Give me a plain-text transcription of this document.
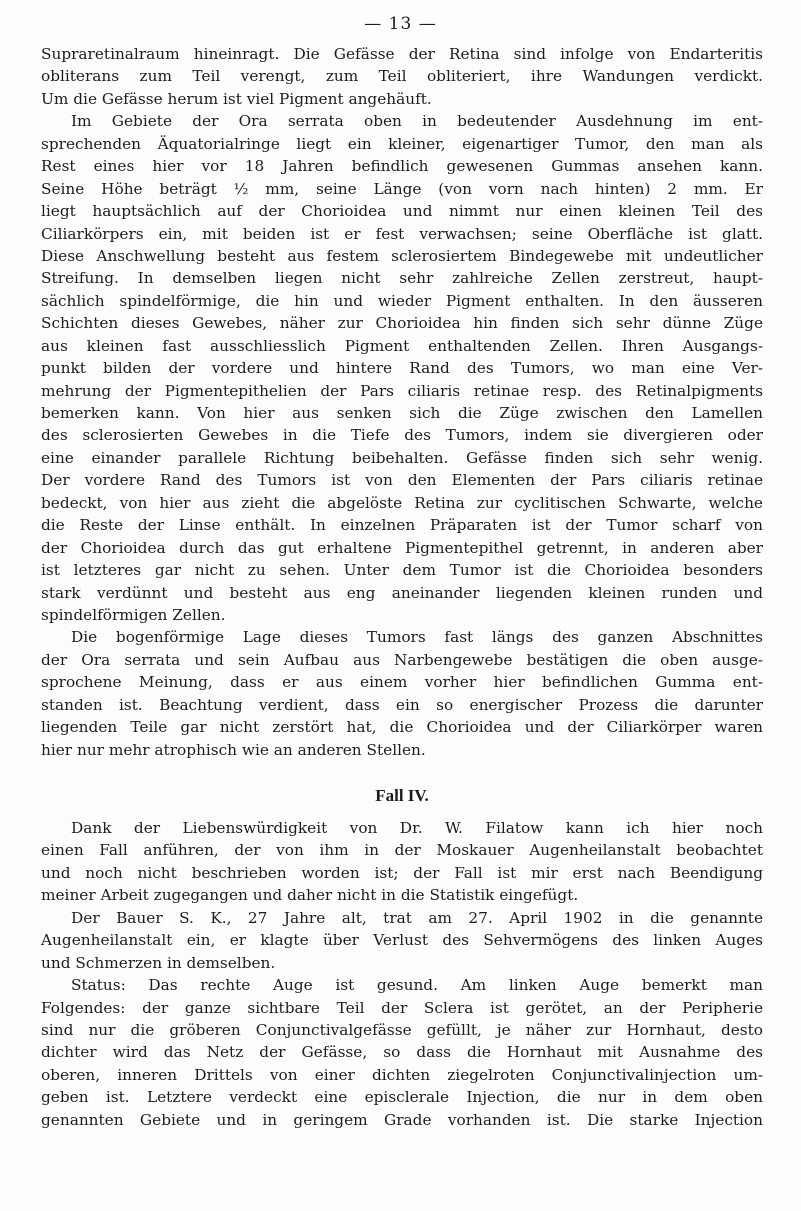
— 13 —
Supraretinalraum hineinragt. Die Gefässe der Retina sind infolge von Endarteritis
obliterans zum Teil verengt, zum Teil obliteriert, ihre Wandungen verdickt.
Um die Gefässe herum ist viel Pigment angehäuft.
Im Gebiete der Ora serrata oben in bedeutender Ausdehnung im ent-
sprechenden Äquatorialringe liegt ein kleiner, eigenartiger Tumor, den man als
Rest eines hier vor 18 Jahren befindlich gewesenen Gummas ansehen kann.
Seine Höhe beträgt ½ mm, seine Länge (von vorn nach hinten) 2 mm. Er
liegt hauptsächlich auf der Chorioidea und nimmt nur einen kleinen Teil des
Ciliarkörpers ein, mit beiden ist er fest verwachsen; seine Oberfläche ist glatt.
Diese Anschwellung besteht aus festem sclerosiertem Bindegewebe mit undeutlicher
Streifung. In demselben liegen nicht sehr zahlreiche Zellen zerstreut, haupt-
sächlich spindelförmige, die hin und wieder Pigment enthalten. In den äusseren
Schichten dieses Gewebes, näher zur Chorioidea hin finden sich sehr dünne Züge
aus kleinen fast ausschliesslich Pigment enthaltenden Zellen. Ihren Ausgangs-
punkt bilden der vordere und hintere Rand des Tumors, wo man eine Ver-
mehrung der Pigmentepithelien der Pars ciliaris retinae resp. des Retinalpigments
bemerken kann. Von hier aus senken sich die Züge zwischen den Lamellen
des sclerosierten Gewebes in die Tiefe des Tumors, indem sie divergieren oder
eine einander parallele Richtung beibehalten. Gefässe finden sich sehr wenig.
Der vordere Rand des Tumors ist von den Elementen der Pars ciliaris retinae
bedeckt, von hier aus zieht die abgelöste Retina zur cyclitischen Schwarte, welche
die Reste der Linse enthält. In einzelnen Präparaten ist der Tumor scharf von
der Chorioidea durch das gut erhaltene Pigmentepithel getrennt, in anderen aber
ist letzteres gar nicht zu sehen. Unter dem Tumor ist die Chorioidea besonders
stark verdünnt und besteht aus eng aneinander liegenden kleinen runden und
spindelförmigen Zellen.
Die bogenförmige Lage dieses Tumors fast längs des ganzen Abschnittes
der Ora serrata und sein Aufbau aus Narbengewebe bestätigen die oben ausge-
sprochene Meinung, dass er aus einem vorher hier befindlichen Gumma ent-
standen ist. Beachtung verdient, dass ein so energischer Prozess die darunter
liegenden Teile gar nicht zerstört hat, die Chorioidea und der Ciliarkörper waren
hier nur mehr atrophisch wie an anderen Stellen.
Fall IV.
Dank der Liebenswürdigkeit von Dr. W. Filatow kann ich hier noch
einen Fall anführen, der von ihm in der Moskauer Augenheilanstalt beobachtet
und noch nicht beschrieben worden ist; der Fall ist mir erst nach Beendigung
meiner Arbeit zugegangen und daher nicht in die Statistik eingefügt.
Der Bauer S. K., 27 Jahre alt, trat am 27. April 1902 in die genannte
Augenheilanstalt ein, er klagte über Verlust des Sehvermögens des linken Auges
und Schmerzen in demselben.
Status: Das rechte Auge ist gesund. Am linken Auge bemerkt man
Folgendes: der ganze sichtbare Teil der Sclera ist gerötet, an der Peripherie
sind nur die gröberen Conjunctivalgefässe gefüllt, je näher zur Hornhaut, desto
dichter wird das Netz der Gefässe, so dass die Hornhaut mit Ausnahme des
oberen, inneren Drittels von einer dichten ziegelroten Conjunctivalinjection um-
geben ist. Letztere verdeckt eine episclerale Injection, die nur in dem oben
genannten Gebiete und in geringem Grade vorhanden ist. Die starke Injection
